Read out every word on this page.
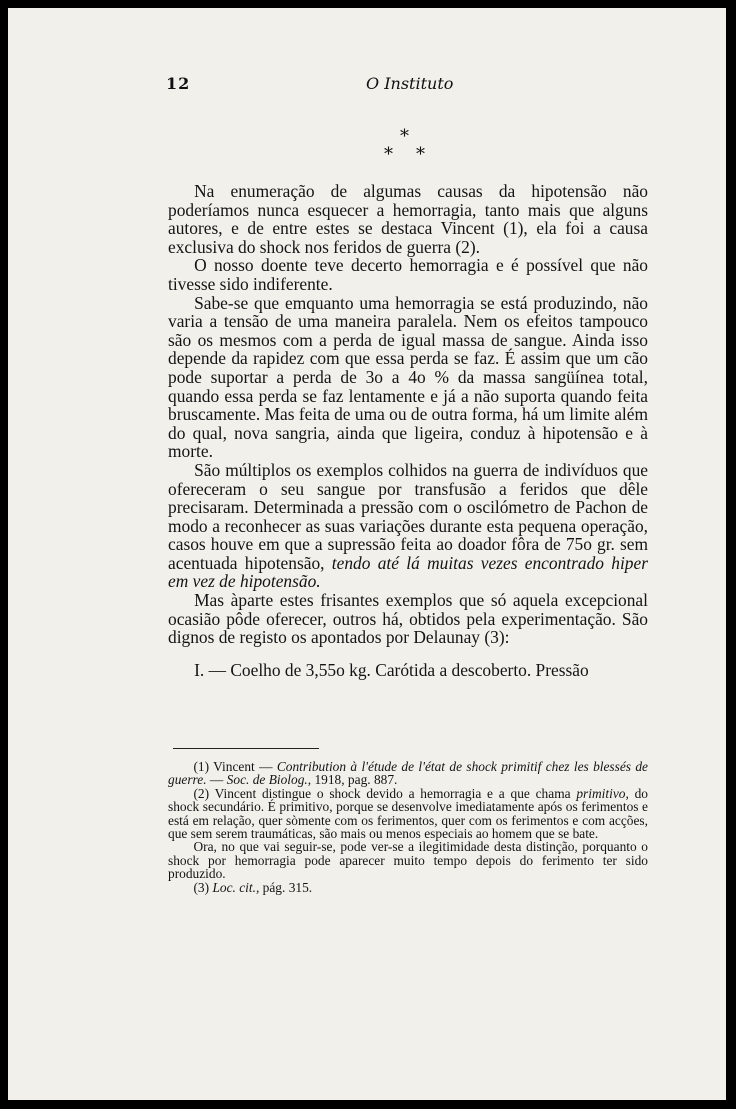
12	O Instituto
*
* *

Na enumeração de algumas causas da hipotensão não poderíamos nunca esquecer a hemorragia, tanto mais que alguns autores, e de entre estes se destaca Vincent (1), ela foi a causa exclusiva do shock nos feridos de guerra (2).

O nosso doente teve decerto hemorragia e é possível que não tivesse sido indiferente.

Sabe-se que emquanto uma hemorragia se está produzindo, não varia a tensão de uma maneira paralela. Nem os efeitos tampouco são os mesmos com a perda de igual massa de sangue. Ainda isso depende da rapidez com que essa perda se faz. É assim que um cão pode suportar a perda de 3o a 4o % da massa sangüínea total, quando essa perda se faz lentamente e já a não suporta quando feita bruscamente. Mas feita de uma ou de outra forma, há um limite além do qual, nova sangria, ainda que ligeira, conduz à hipotensão e à morte.

São múltiplos os exemplos colhidos na guerra de indivíduos que ofereceram o seu sangue por transfusão a feridos que dêle precisaram. Determinada a pressão com o oscilómetro de Pachon de modo a reconhecer as suas variações durante esta pequena operação, casos houve em que a supressão feita ao doador fôra de 75o gr. sem acentuada hipotensão, tendo até lá muitas vezes encontrado hiper em vez de hipotensão.

Mas àparte estes frisantes exemplos que só aquela excepcional ocasião pôde oferecer, outros há, obtidos pela experimentação. São dignos de registo os apontados por Delaunay (3):

I. — Coelho de 3,55o kg. Carótida a descoberto. Pressão

(1) Vincent — Contribution à l'étude de l'état de shock primitif chez les blessés de guerre. — Soc. de Biolog., 1918, pag. 887.

(2) Vincent distingue o shock devido a hemorragia e a que chama primitivo, do shock secundário. É primitivo, porque se desenvolve imediatamente após os ferimentos e está em relação, quer sòmente com os ferimentos, quer com os ferimentos e com acções, que sem serem traumáticas, são mais ou menos especiais ao homem que se bate.

Ora, no que vai seguir-se, pode ver-se a ilegitimidade desta distinção, porquanto o shock por hemorragia pode aparecer muito tempo depois do ferimento ter sido produzido.

(3) Loc. cit., pág. 315.
